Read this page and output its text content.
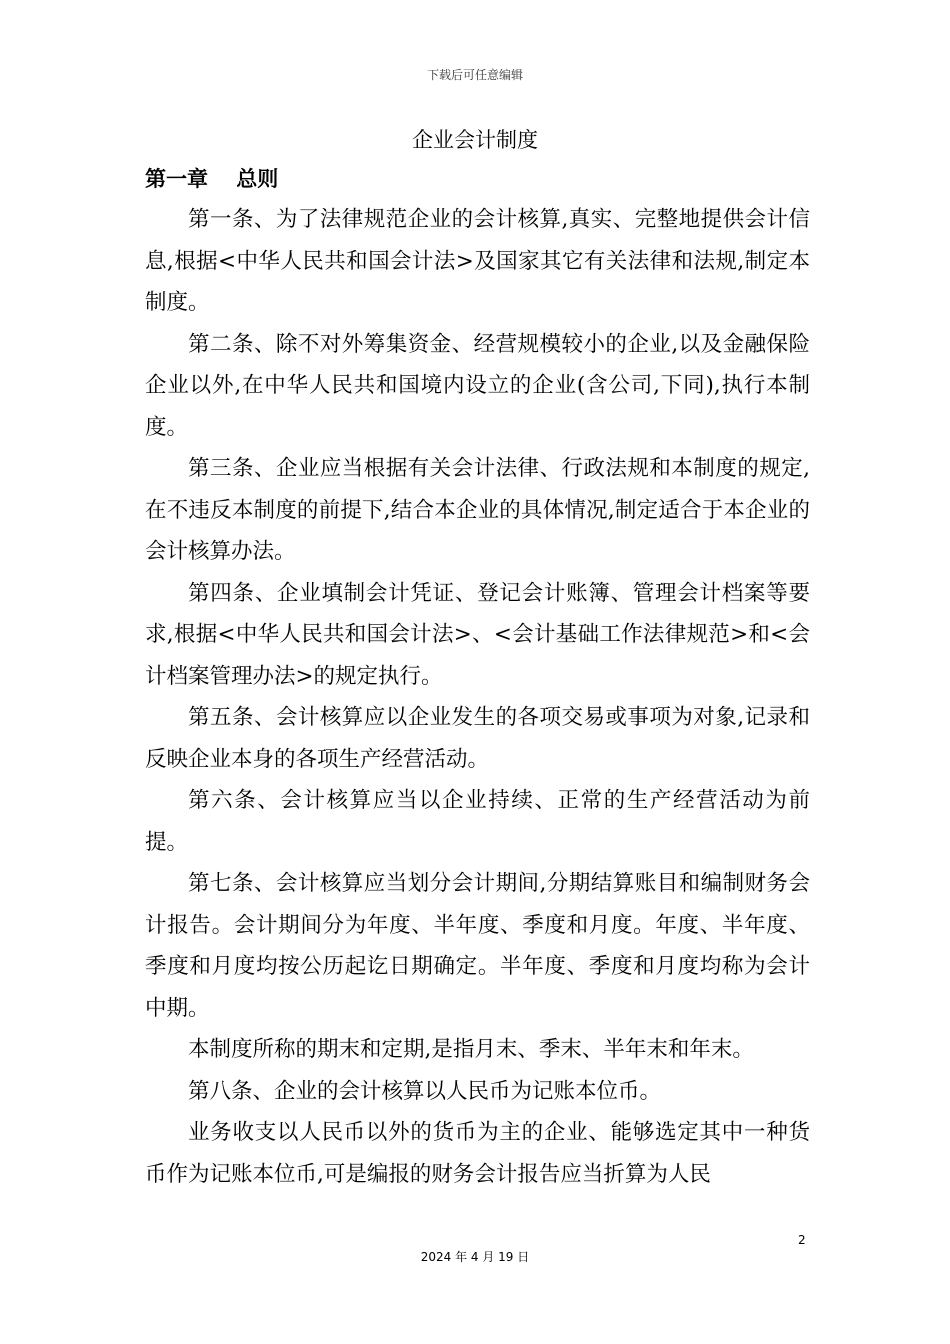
下载后可任意编辑
企业会计制度
第一章　 总则

第一条、为了法律规范企业的会计核算,真实、完整地提供会计信息,根据<中华人民共和国会计法>及国家其它有关法律和法规,制定本制度。

第二条、除不对外筹集资金、经营规模较小的企业,以及金融保险企业以外,在中华人民共和国境内设立的企业(含公司,下同),执行本制度。

第三条、企业应当根据有关会计法律、行政法规和本制度的规定,在不违反本制度的前提下,结合本企业的具体情况,制定适合于本企业的会计核算办法。

第四条、企业填制会计凭证、登记会计账簿、管理会计档案等要求,根据<中华人民共和国会计法>、<会计基础工作法律规范>和<会计档案管理办法>的规定执行。

第五条、会计核算应以企业发生的各项交易或事项为对象,记录和反映企业本身的各项生产经营活动。

第六条、会计核算应当以企业持续、正常的生产经营活动为前提。

第七条、会计核算应当划分会计期间,分期结算账目和编制财务会计报告。会计期间分为年度、半年度、季度和月度。年度、半年度、季度和月度均按公历起讫日期确定。半年度、季度和月度均称为会计中期。

本制度所称的期末和定期,是指月末、季末、半年末和年末。

第八条、企业的会计核算以人民币为记账本位币。

业务收支以人民币以外的货币为主的企业、能够选定其中一种货币作为记账本位币,可是编报的财务会计报告应当折算为人民

2
2024 年 4 月 19 日
